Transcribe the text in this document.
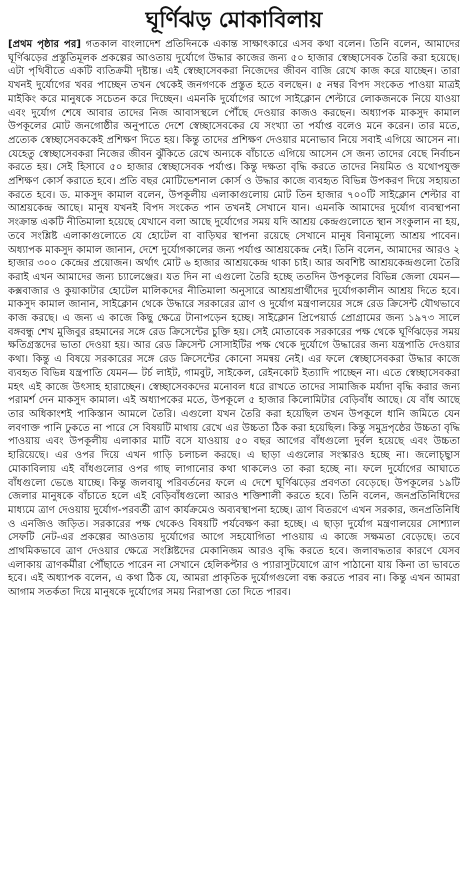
ঘূর্ণিঝড় মোকাবিলায়

[প্রথম পৃষ্ঠার পর] গতকাল বাংলাদেশ প্রতিদিনকে একান্ত সাক্ষাৎকারে এসব কথা বলেন। তিনি বলেন, আমাদের ঘূর্ণিঝড়ের প্রস্তুতিমূলক প্রকল্পের আওতায় দুর্যোগে উদ্ধার কাজের জন্য ৫০ হাজার স্বেচ্ছাসেবক তৈরি করা হয়েছে। এটা পৃথিবীতে একটি ব্যতিক্রমী দৃষ্টান্ত। এই স্বেচ্ছাসেবকরা নিজেদের জীবন বাজি রেখে কাজ করে যাচ্ছেন। তারা যখনই দুর্যোগের খবর পাচ্ছেন তখন থেকেই জনগণকে প্রস্তুত হতে বলছেন। ৫ নম্বর বিপদ সংকেত পাওয়া মাত্রই মাইকিং করে মানুষকে সচেতন করে দিচ্ছেন। এমনকি দুর্যোগের আগে সাইক্লোন শেল্টারে লোকজনকে নিয়ে যাওয়া এবং দুর্যোগ শেষে আবার তাদের নিজ আবাসস্থলে পৌঁছে দেওয়ার কাজও করছেন। অধ্যাপক মাকসুদ কামাল উপকূলের মোট জনগোষ্ঠীর অনুপাতে দেশে স্বেচ্ছাসেবকের যে সংখ্যা তা পর্যাপ্ত বলেও মনে করেন। তার মতে, প্রত্যেক স্বেচ্ছাসেবককেই প্রশিক্ষণ দিতে হয়। কিন্তু তাদের প্রশিক্ষণ দেওয়ার মনোভাব নিয়ে সবাই এগিয়ে আসেন না। যেহেতু স্বেচ্ছাসেবকরা নিজের জীবন ঝুঁকিতে রেখে অন্যকে বাঁচাতে এগিয়ে আসেন সে জন্য তাদের বেছে নির্বাচন করতে হয়। সেই হিসাবে ৫০ হাজার স্বেচ্ছাসেবক পর্যাপ্ত। কিন্তু দক্ষতা বৃদ্ধি করতে তাদের নিয়মিত ও যথোপযুক্ত প্রশিক্ষণ কোর্স করাতে হবে। প্রতি বছর মোটিভেশনাল কোর্স ও উদ্ধার কাজে ব্যবহৃত বিভিন্ন উপকরণ দিয়ে সহায়তা করতে হবে। ড. মাকসুদ কামাল বলেন, উপকূলীয় এলাকাগুলোয় মোট তিন হাজার ৭০০টি সাইক্লোন শেল্টার বা আশ্রয়কেন্দ্র আছে। মানুষ যখনই বিপদ সংকেত পান তখনই সেখানে যান। এমনকি আমাদের দুর্যোগ ব্যবস্থাপনা সংক্রান্ত একটি নীতিমালা হয়েছে যেখানে বলা আছে দুর্যোগের সময় যদি আশ্রয় কেন্দ্রগুলোতে স্থান সংকুলান না হয়, তবে সংশ্লিষ্ট এলাকাগুলোতে যে হোটেল বা বাড়িঘর স্থাপনা রয়েছে সেখানে মানুষ বিনামূল্যে আশ্রয় পাবেন। অধ্যাপক মাকসুদ কামাল জানান, দেশে দুর্যোগকালের জন্য পর্যাপ্ত আশ্রয়কেন্দ্র নেই। তিনি বলেন, আমাদের আরও ২ হাজার ৩০০ কেন্দ্রের প্রয়োজন। অর্থাৎ মোট ৬ হাজার আশ্রয়কেন্দ্র থাকা চাই। আর অবশিষ্ট আশ্রয়কেন্দ্রগুলো তৈরি করাই এখন আমাদের জন্য চ্যালেঞ্জের। যত দিন না এগুলো তৈরি হচ্ছে ততদিন উপকূলের বিভিন্ন জেলা যেমন— কক্সবাজার ও কুয়াকাটার হোটেল মালিকদের নীতিমালা অনুসারে আশ্রয়প্রার্থীদের দুর্যোগকালীন আশ্রয় দিতে হবে। মাকসুদ কামাল জানান, সাইক্লোন থেকে উদ্ধারে সরকারের ত্রাণ ও দুর্যোগ মন্ত্রণালয়ের সঙ্গে রেড ক্রিসেন্ট যৌথভাবে কাজ করছে। এ জন্য এ কাজে কিছু ক্ষেত্রে টানাপড়েন হচ্ছে। সাইক্লোন প্রিপেয়ার্ড প্রোগ্রামের জন্য ১৯৭৩ সালে বঙ্গবন্ধু শেখ মুজিবুর রহমানের সঙ্গে রেড ক্রিসেন্টের চুক্তি হয়। সেই মোতাবেক সরকারের পক্ষ থেকে ঘূর্ণিঝড়ের সময় ক্ষতিগ্রস্তদের ভাতা দেওয়া হয়। আর রেড ক্রিসেন্ট সোসাইটির পক্ষ থেকে দুর্যোগে উদ্ধারের জন্য যন্ত্রপাতি দেওয়ার কথা। কিন্তু এ বিষয়ে সরকারের সঙ্গে রেড ক্রিসেন্টের কোনো সমন্বয় নেই। এর ফলে স্বেচ্ছাসেবকরা উদ্ধার কাজে ব্যবহৃত বিভিন্ন যন্ত্রপাতি যেমন— টর্চ লাইট, গামবুট, সাইকেল, রেইনকোট ইত্যাদি পাচ্ছেন না। এতে স্বেচ্ছাসেবকরা মহৎ এই কাজে উৎসাহ হারাচ্ছেন। স্বেচ্ছাসেবকদের মনোবল ধরে রাখতে তাদের সামাজিক মর্যাদা বৃদ্ধি করার জন্য পরামর্শ দেন মাকসুদ কামাল। এই অধ্যাপকের মতে, উপকূলে ৫ হাজার কিলোমিটার বেড়িবাঁধ আছে। যে বাঁধ আছে তার অধিকাংশই পাকিস্তান আমলে তৈরি। এগুলো যখন তৈরি করা হয়েছিল তখন উপকূলে ধানি জমিতে যেন লবণাক্ত পানি ঢুকতে না পারে সে বিষয়টি মাথায় রেখে এর উচ্চতা ঠিক করা হয়েছিল। কিন্তু সমুদ্রপৃষ্ঠের উচ্চতা বৃদ্ধি পাওয়ায় এবং উপকূলীয় এলাকার মাটি বসে যাওয়ায় ৫০ বছর আগের বাঁধগুলো দুর্বল হয়েছে এবং উচ্চতা হারিয়েছে। এর ওপর দিয়ে এখন গাড়ি চলাচল করছে। এ ছাড়া এগুলোর সংস্কারও হচ্ছে না। জলোচ্ছ্বাস মোকাবিলায় এই বাঁধগুলোর ওপর গাছ লাগানোর কথা থাকলেও তা করা হচ্ছে না। ফলে দুর্যোগের আঘাতে বাঁধগুলো ভেঙে যাচ্ছে। কিন্তু জলবায়ু পরিবর্তনের ফলে এ দেশে ঘূর্ণিঝড়ের প্রবণতা বেড়েছে। উপকূলের ১৯টি জেলার মানুষকে বাঁচাতে হলে এই বেড়িবাঁধগুলো আরও শক্তিশালী করতে হবে। তিনি বলেন, জনপ্রতিনিধিদের মাধ্যমে ত্রাণ দেওয়ায় দুর্যোগ-পরবর্তী ত্রাণ কার্যক্রমেও অব্যবস্থাপনা হচ্ছে। ত্রাণ বিতরণে এখন সরকার, জনপ্রতিনিধি ও এনজিও জড়িত। সরকারের পক্ষ থেকেও বিষয়টি পর্যবেক্ষণ করা হচ্ছে। এ ছাড়া দুর্যোগ মন্ত্রণালয়ের সোশ্যাল সেফটি নেট-এর প্রকল্পের আওতায় দুর্যোগের আগে সহযোগিতা পাওয়ায় এ কাজে সক্ষমতা বেড়েছে। তবে প্রাথমিকভাবে ত্রাণ দেওয়ার ক্ষেত্রে সংশ্লিষ্টদের মেকানিজম আরও বৃদ্ধি করতে হবে। জলাবদ্ধতার কারণে যেসব এলাকায় ত্রাণকর্মীরা পৌঁছাতে পারেন না সেখানে হেলিকপ্টার ও প্যারাসুটযোগে ত্রাণ পাঠানো যায় কিনা তা ভাবতে হবে। এই অধ্যাপক বলেন, এ কথা ঠিক যে, আমরা প্রাকৃতিক দুর্যোগগুলো বন্ধ করতে পারব না। কিন্তু এখন আমরা আগাম সতর্কতা দিয়ে মানুষকে দুর্যোগের সময় নিরাপত্তা তো দিতে পারব।
